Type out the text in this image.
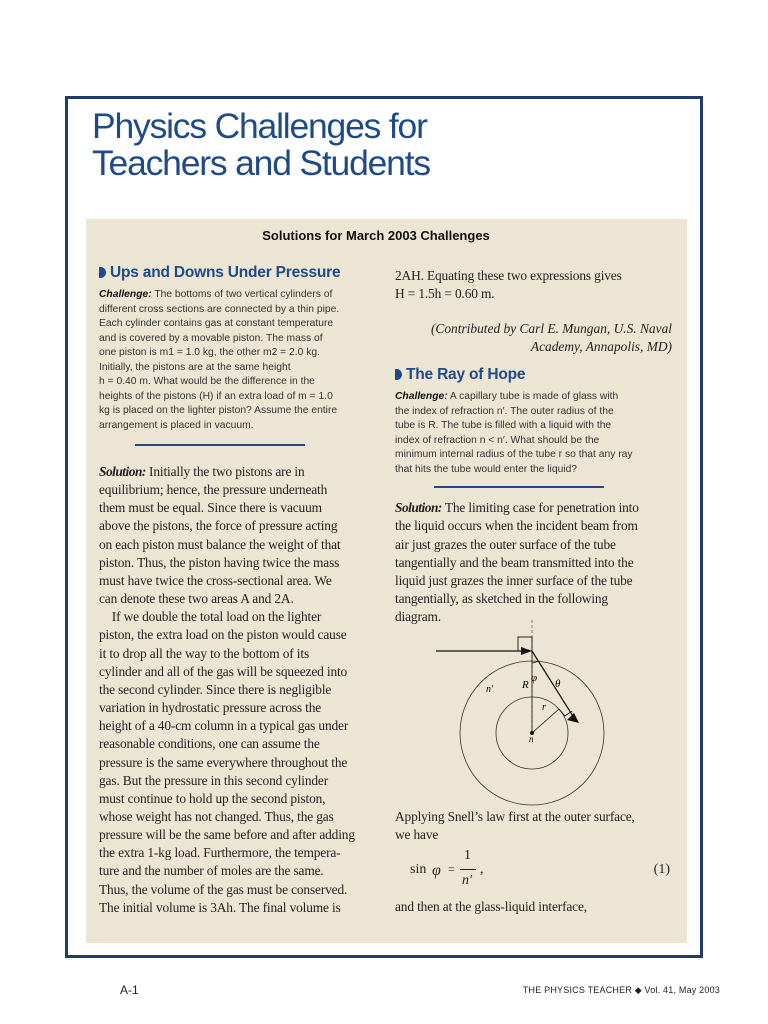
Physics Challenges for
Teachers and Students
Solutions for March 2003 Challenges
Ups and Downs Under Pressure
Challenge: The bottoms of two vertical cylinders of
different cross sections are connected by a thin pipe.
Each cylinder contains gas at constant temperature
and is covered by a movable piston. The mass of
one piston is m1 = 1.0 kg, the other m2 = 2.0 kg.
Initially, the pistons are at the same height
h = 0.40 m. What would be the difference in the
heights of the pistons (H) if an extra load of m = 1.0
kg is placed on the lighter piston? Assume the entire
arrangement is placed in vacuum.
Solution: Initially the two pistons are in
equilibrium; hence, the pressure underneath
them must be equal. Since there is vacuum
above the pistons, the force of pressure acting
on each piston must balance the weight of that
piston. Thus, the piston having twice the mass
must have twice the cross-sectional area. We
can denote these two areas A and 2A.
If we double the total load on the lighter
piston, the extra load on the piston would cause
it to drop all the way to the bottom of its
cylinder and all of the gas will be squeezed into
the second cylinder. Since there is negligible
variation in hydrostatic pressure across the
height of a 40-cm column in a typical gas under
reasonable conditions, one can assume the
pressure is the same everywhere throughout the
gas. But the pressure in this second cylinder
must continue to hold up the second piston,
whose weight has not changed. Thus, the gas
pressure will be the same before and after adding
the extra 1-kg load. Furthermore, the tempera-
ture and the number of moles are the same.
Thus, the volume of the gas must be conserved.
The initial volume is 3Ah. The final volume is
2AH. Equating these two expressions gives
H = 1.5h = 0.60 m.
(Contributed by Carl E. Mungan, U.S. Naval
Academy, Annapolis, MD)
The Ray of Hope
Challenge: A capillary tube is made of glass with
the index of refraction n′. The outer radius of the
tube is R. The tube is filled with a liquid with the
index of refraction n < n′. What should be the
minimum internal radius of the tube r so that any ray
that hits the tube would enter the liquid?
Solution: The limiting case for penetration into
the liquid occurs when the incident beam from
air just grazes the outer surface of the tube
tangentially and the beam transmitted into the
liquid just grazes the inner surface of the tube
tangentially, as sketched in the following
diagram.
n'	R
r
n
φ θ
Applying Snell’s law first at the outer surface,
we have
sin φ =
1
n′
,	(1)
and then at the glass-liquid interface,
A-1	THE PHYSICS TEACHER ◆ Vol. 41, May 2003
